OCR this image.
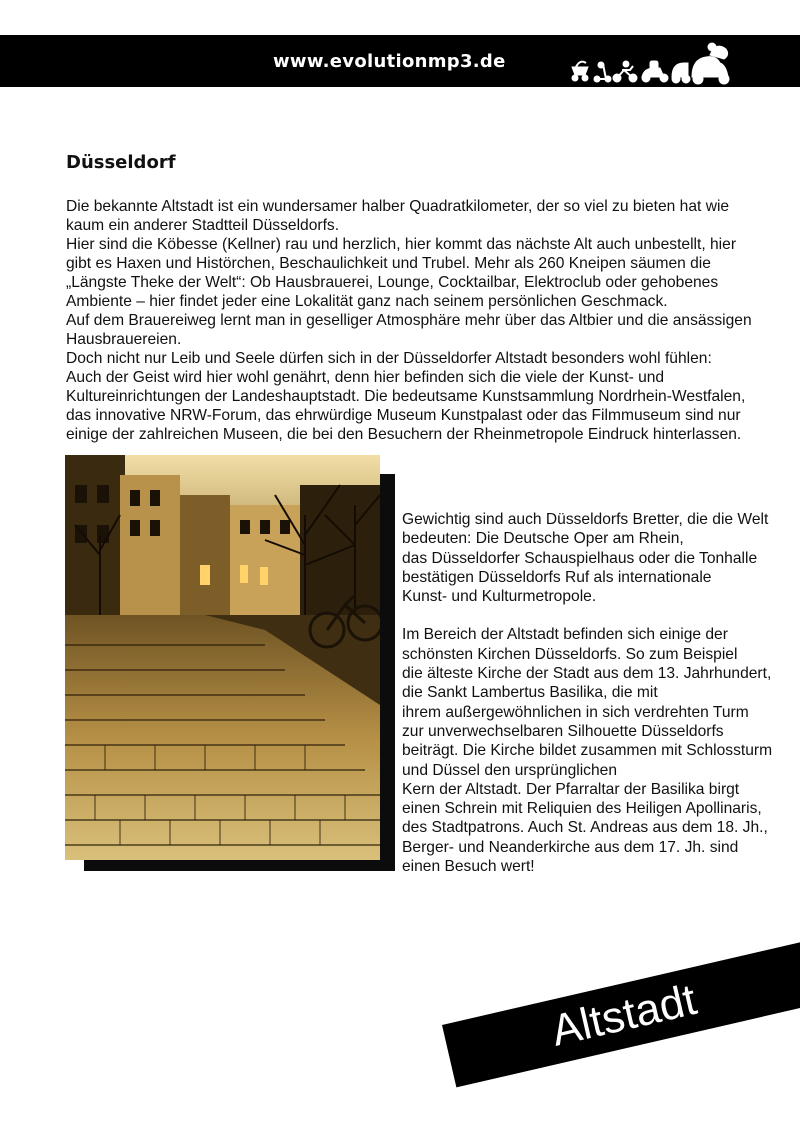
www.evolutionmp3.de
Düsseldorf

Die bekannte Altstadt ist ein wundersamer halber Quadratkilometer, der so viel zu bieten hat wie

kaum ein anderer Stadtteil Düsseldorfs.

Hier sind die Köbesse (Kellner) rau und herzlich, hier kommt das nächste Alt auch unbestellt, hier

gibt es Haxen und Histörchen, Beschaulichkeit und Trubel. Mehr als 260 Kneipen säumen die

„Längste Theke der Welt“: Ob Hausbrauerei, Lounge, Cocktailbar, Elektroclub oder gehobenes

Ambiente – hier findet jeder eine Lokalität ganz nach seinem persönlichen Geschmack.

Auf dem Brauereiweg lernt man in geselliger Atmosphäre mehr über das Altbier und die ansässigen

Hausbrauereien.

Doch nicht nur Leib und Seele dürfen sich in der Düsseldorfer Altstadt besonders wohl fühlen:

Auch der Geist wird hier wohl genährt, denn hier befinden sich die viele der Kunst- und

Kultureinrichtungen der Landeshauptstadt. Die bedeutsame Kunstsammlung Nordrhein-Westfalen,

das innovative NRW-Forum, das ehrwürdige Museum Kunstpalast oder das Filmmuseum sind nur

einige der zahlreichen Museen, die bei den Besuchern der Rheinmetropole Eindruck hinterlassen.

Gewichtig sind auch Düsseldorfs Bretter, die die Welt

bedeuten: Die Deutsche Oper am Rhein,

das Düsseldorfer Schauspielhaus oder die Tonhalle

bestätigen Düsseldorfs Ruf als internationale

Kunst- und Kulturmetropole.

Im Bereich der Altstadt befinden sich einige der

schönsten Kirchen Düsseldorfs. So zum Beispiel

die älteste Kirche der Stadt aus dem 13. Jahrhundert,

die Sankt Lambertus Basilika, die mit

ihrem außergewöhnlichen in sich verdrehten Turm

zur unverwechselbaren Silhouette Düsseldorfs

beiträgt. Die Kirche bildet zusammen mit Schlossturm

und Düssel den ursprünglichen

Kern der Altstadt. Der Pfarraltar der Basilika birgt

einen Schrein mit Reliquien des Heiligen Apollinaris,

des Stadtpatrons. Auch St. Andreas aus dem 18. Jh.,

Berger- und Neanderkirche aus dem 17. Jh. sind

einen Besuch wert!

Altstadt
